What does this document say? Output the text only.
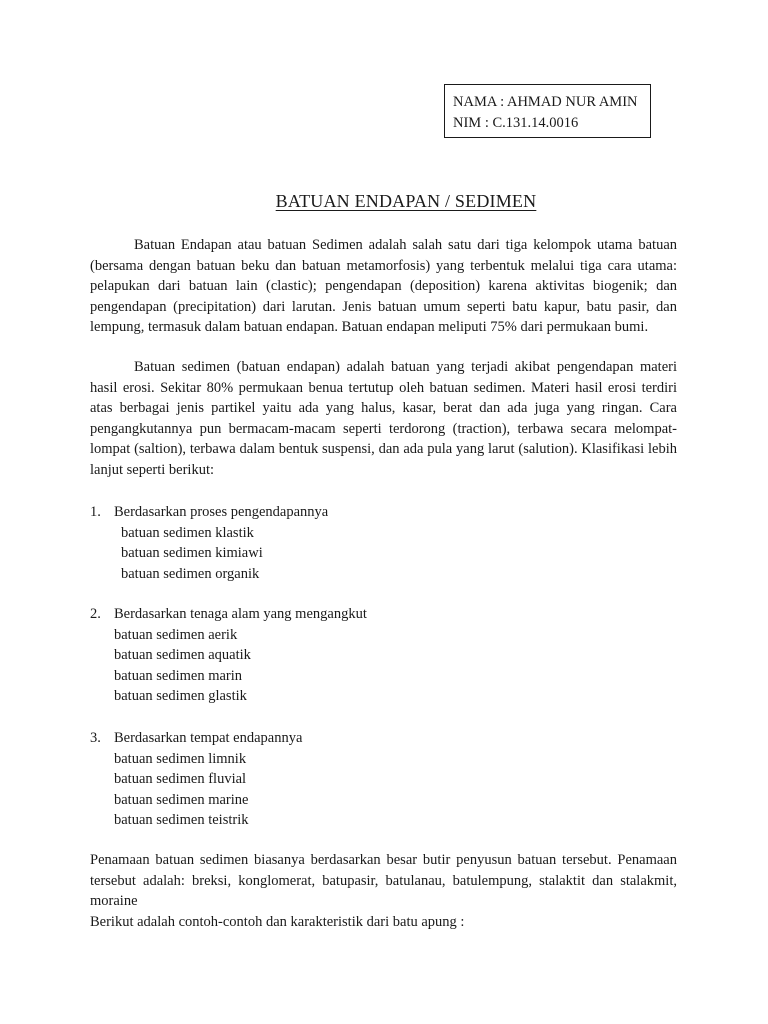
NAMA : AHMAD NUR AMIN
NIM : C.131.14.0016
BATUAN ENDAPAN / SEDIMEN

Batuan Endapan atau batuan Sedimen adalah salah satu dari tiga kelompok utama batuan (bersama dengan batuan beku dan batuan metamorfosis) yang terbentuk melalui tiga cara utama: pelapukan dari batuan lain (clastic); pengendapan (deposition) karena aktivitas biogenik; dan pengendapan (precipitation) dari larutan. Jenis batuan umum seperti batu kapur, batu pasir, dan lempung, termasuk dalam batuan endapan. Batuan endapan meliputi 75% dari permukaan bumi.

Batuan sedimen (batuan endapan) adalah batuan yang terjadi akibat pengendapan materi hasil erosi. Sekitar 80% permukaan benua tertutup oleh batuan sedimen. Materi hasil erosi terdiri atas berbagai jenis partikel yaitu ada yang halus, kasar, berat dan ada juga yang ringan. Cara pengangkutannya pun bermacam-macam seperti terdorong (traction), terbawa secara melompat-lompat (saltion), terbawa dalam bentuk suspensi, dan ada pula yang larut (salution). Klasifikasi lebih lanjut seperti berikut:

1. Berdasarkan proses pengendapannya
batuan sedimen klastik
batuan sedimen kimiawi
batuan sedimen organik
2. Berdasarkan tenaga alam yang mengangkut
batuan sedimen aerik
batuan sedimen aquatik
batuan sedimen marin
batuan sedimen glastik
3. Berdasarkan tempat endapannya
batuan sedimen limnik
batuan sedimen fluvial
batuan sedimen marine
batuan sedimen teistrik

Penamaan batuan sedimen biasanya berdasarkan besar butir penyusun batuan tersebut. Penamaan tersebut adalah: breksi, konglomerat, batupasir, batulanau, batulempung, stalaktit dan stalakmit, moraine

Berikut adalah contoh-contoh dan karakteristik dari batu apung :
